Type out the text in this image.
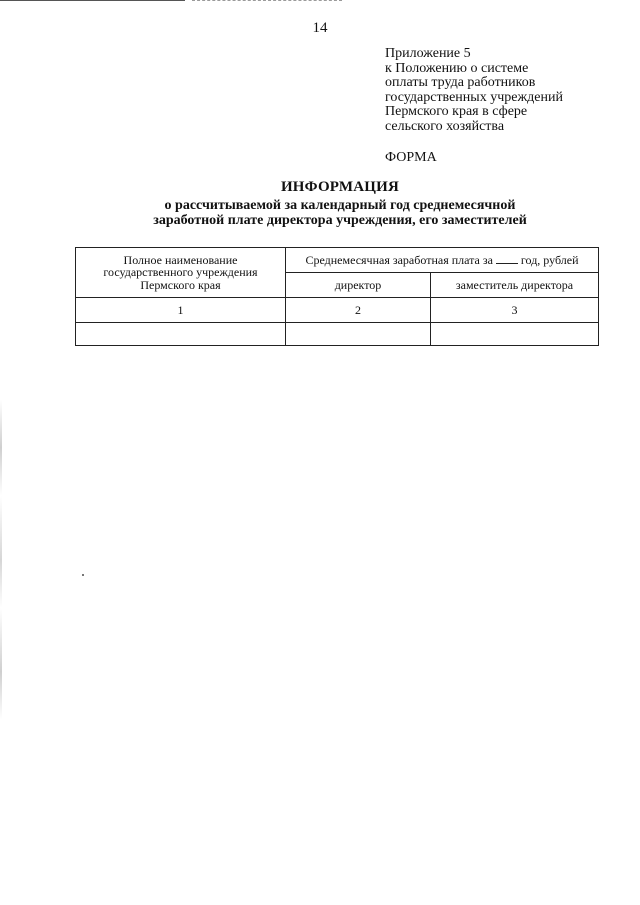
14
Приложение 5
к Положению о системе
оплаты труда работников
государственных учреждений
Пермского края в сфере
сельского хозяйства
ФОРМА
ИНФОРМАЦИЯ
о рассчитываемой за календарный год среднемесячной
заработной плате директора учреждения, его заместителей
Полное наименование
государственного учреждения
Пермского края	Среднемесячная заработная плата за год, рублей	
	директор	заместитель директора
1	2	3
